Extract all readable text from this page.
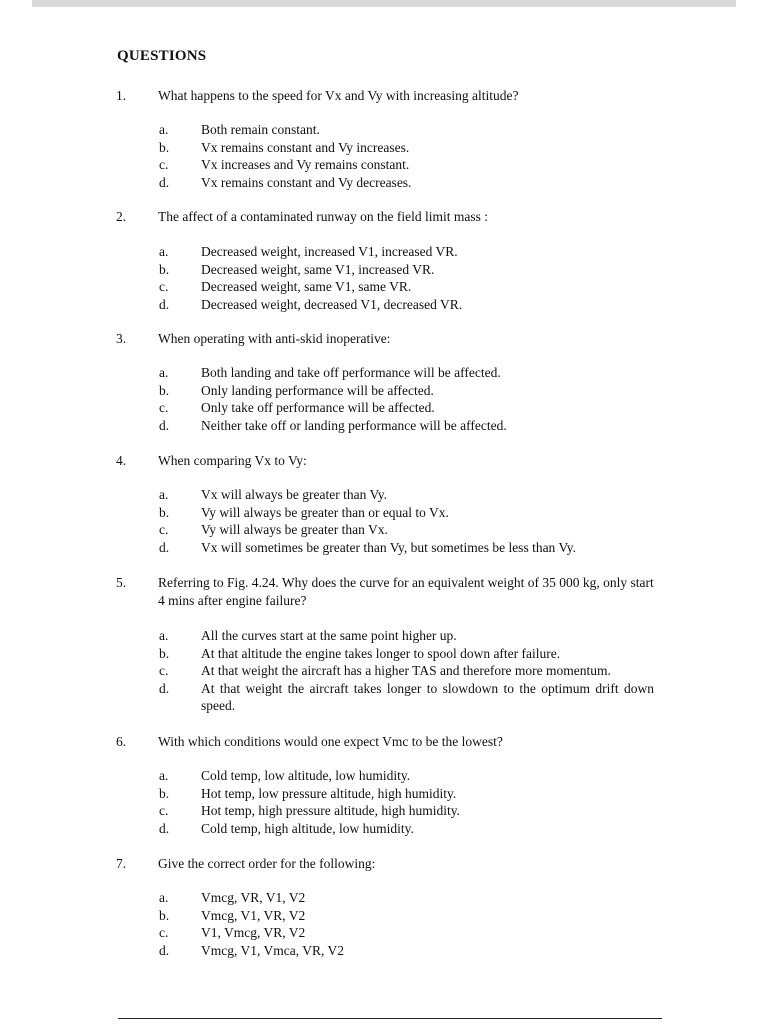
QUESTIONS
1. What happens to the speed for Vx and Vy with increasing altitude?
a. Both remain constant.
b. Vx remains constant and Vy increases.
c. Vx increases and Vy remains constant.
d. Vx remains constant and Vy decreases.
2. The affect of a contaminated runway on the field limit mass :
a. Decreased weight, increased V1, increased VR.
b. Decreased weight, same V1, increased VR.
c. Decreased weight, same V1, same VR.
d. Decreased weight, decreased V1, decreased VR.
3. When operating with anti-skid inoperative:
a. Both landing and take off performance will be affected.
b. Only landing performance will be affected.
c. Only take off performance will be affected.
d. Neither take off or landing performance will be affected.
4. When comparing Vx to Vy:
a. Vx will always be greater than Vy.
b. Vy will always be greater than or equal to Vx.
c. Vy will always be greater than Vx.
d. Vx will sometimes be greater than Vy, but sometimes be less than Vy.
5. Referring to Fig. 4.24. Why does the curve for an equivalent weight of 35 000 kg, only start 4 mins after engine failure?
a. All the curves start at the same point higher up.
b. At that altitude the engine takes longer to spool down after failure.
c. At that weight the aircraft has a higher TAS and therefore more momentum.
d. At that weight the aircraft takes longer to slowdown to the optimum drift down speed.
6. With which conditions would one expect Vmc to be the lowest?
a. Cold temp, low altitude, low humidity.
b. Hot temp, low pressure altitude, high humidity.
c. Hot temp, high pressure altitude, high humidity.
d. Cold temp, high altitude, low humidity.
7. Give the correct order for the following:
a. Vmcg, VR, V1, V2
b. Vmcg, V1, VR, V2
c. V1, Vmcg, VR, V2
d. Vmcg, V1, Vmca, VR, V2
